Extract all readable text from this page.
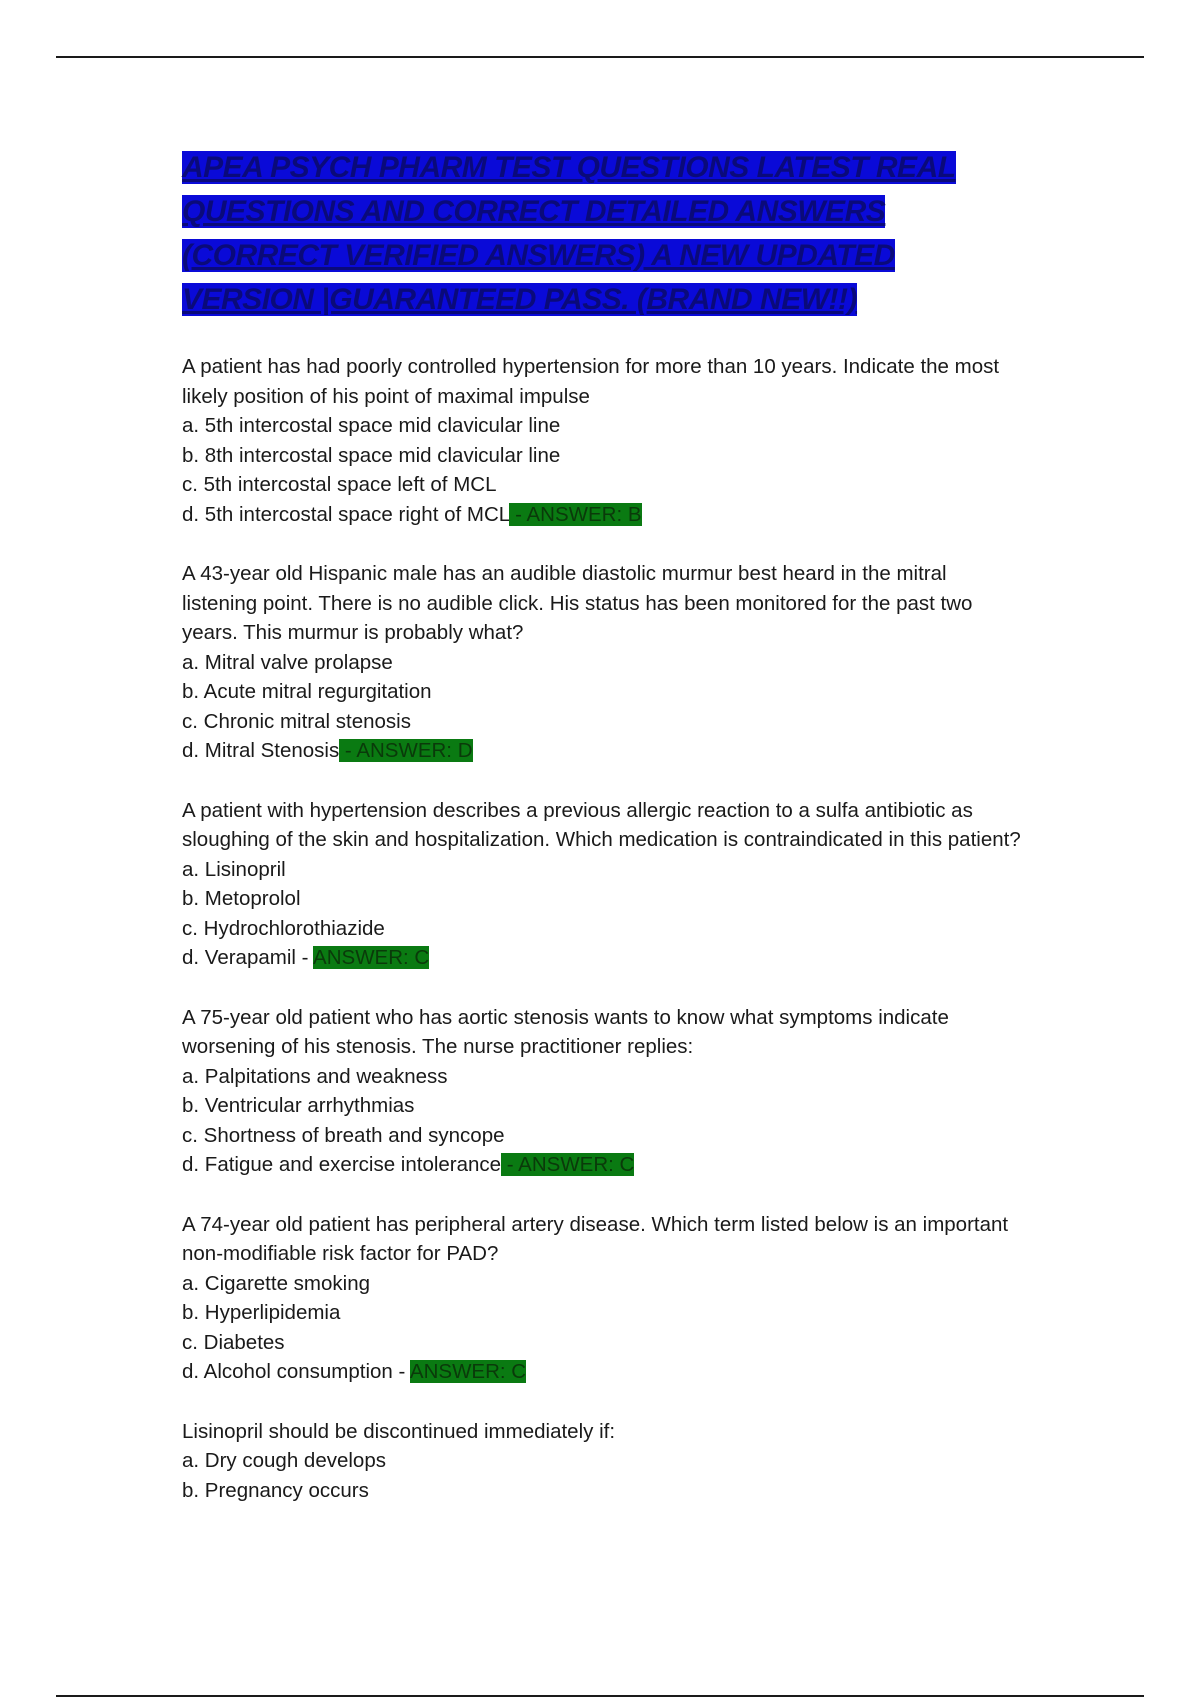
APEA PSYCH PHARM TEST QUESTIONS LATEST REAL QUESTIONS AND CORRECT DETAILED ANSWERS (CORRECT VERIFIED ANSWERS) A NEW UPDATED VERSION |GUARANTEED PASS. (BRAND NEW!!)

A patient has had poorly controlled hypertension for more than 10 years. Indicate the most likely position of his point of maximal impulse

a. 5th intercostal space mid clavicular line

b. 8th intercostal space mid clavicular line

c. 5th intercostal space left of MCL

d. 5th intercostal space right of MCL - ANSWER: B

A 43-year old Hispanic male has an audible diastolic murmur best heard in the mitral listening point. There is no audible click. His status has been monitored for the past two years. This murmur is probably what?

a. Mitral valve prolapse

b. Acute mitral regurgitation

c. Chronic mitral stenosis

d. Mitral Stenosis - ANSWER: D

A patient with hypertension describes a previous allergic reaction to a sulfa antibiotic as sloughing of the skin and hospitalization. Which medication is contraindicated in this patient?

a. Lisinopril

b. Metoprolol

c. Hydrochlorothiazide

d. Verapamil - ANSWER: C

A 75-year old patient who has aortic stenosis wants to know what symptoms indicate worsening of his stenosis. The nurse practitioner replies:

a. Palpitations and weakness

b. Ventricular arrhythmias

c. Shortness of breath and syncope

d. Fatigue and exercise intolerance - ANSWER: C

A 74-year old patient has peripheral artery disease. Which term listed below is an important non-modifiable risk factor for PAD?

a. Cigarette smoking

b. Hyperlipidemia

c. Diabetes

d. Alcohol consumption - ANSWER: C

Lisinopril should be discontinued immediately if:

a. Dry cough develops

b. Pregnancy occurs
